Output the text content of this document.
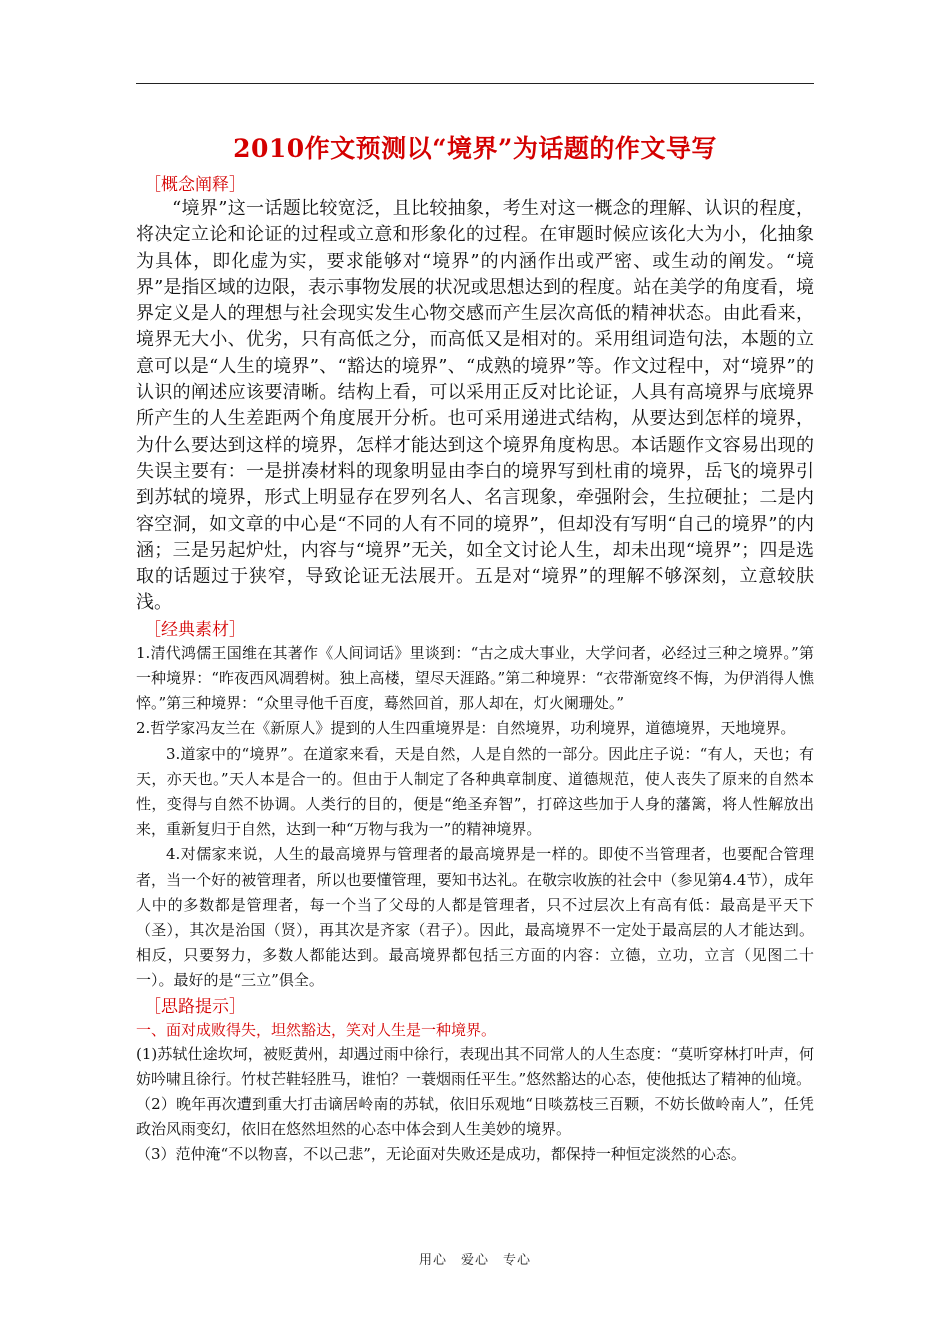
2010作文预测以“境界”为话题的作文导写
［概念阐释］

“境界”这一话题比较宽泛，且比较抽象，考生对这一概念的理解、认识的程度，将决定立论和论证的过程或立意和形象化的过程。在审题时候应该化大为小，化抽象为具体，即化虚为实，要求能够对“境界”的内涵作出或严密、或生动的阐发。“境界”是指区域的边限，表示事物发展的状况或思想达到的程度。站在美学的角度看，境界定义是人的理想与社会现实发生心物交感而产生层次高低的精神状态。由此看来，境界无大小、优劣，只有高低之分，而高低又是相对的。采用组词造句法，本题的立意可以是“人生的境界”、“豁达的境界”、“成熟的境界”等。作文过程中，对“境界”的认识的阐述应该要清晰。结构上看，可以采用正反对比论证，人具有高境界与底境界所产生的人生差距两个角度展开分析。也可采用递进式结构，从要达到怎样的境界，为什么要达到这样的境界，怎样才能达到这个境界角度构思。本话题作文容易出现的失误主要有：一是拼凑材料的现象明显由李白的境界写到杜甫的境界，岳飞的境界引到苏轼的境界，形式上明显存在罗列名人、名言现象，牵强附会，生拉硬扯；二是内容空洞，如文章的中心是“不同的人有不同的境界”，但却没有写明“自己的境界”的内涵；三是另起炉灶，内容与“境界”无关，如全文讨论人生，却未出现“境界”；四是选取的话题过于狭窄，导致论证无法展开。五是对“境界”的理解不够深刻，立意较肤浅。

［经典素材］

1.清代鸿儒王国维在其著作《人间词话》里谈到：“古之成大事业，大学问者，必经过三种之境界。”第一种境界：“昨夜西风凋碧树。独上高楼，望尽天涯路。”第二种境界：“衣带渐宽终不悔，为伊消得人憔悴。”第三种境界：“众里寻他千百度，蓦然回首，那人却在，灯火阑珊处。”

2.哲学家冯友兰在《新原人》提到的人生四重境界是：自然境界，功利境界，道德境界，天地境界。

3.道家中的“境界”。在道家来看，天是自然，人是自然的一部分。因此庄子说：“有人，天也；有天，亦天也。”天人本是合一的。但由于人制定了各种典章制度、道德规范，使人丧失了原来的自然本性，变得与自然不协调。人类行的目的，便是“绝圣弃智”，打碎这些加于人身的藩篱，将人性解放出来，重新复归于自然，达到一种“万物与我为一”的精神境界。

4.对儒家来说，人生的最高境界与管理者的最高境界是一样的。即使不当管理者，也要配合管理者，当一个好的被管理者，所以也要懂管理，要知书达礼。在敬宗收族的社会中（参见第4.4节），成年人中的多数都是管理者，每一个当了父母的人都是管理者，只不过层次上有高有低：最高是平天下（圣），其次是治国（贤），再其次是齐家（君子）。因此，最高境界不一定处于最高层的人才能达到。相反，只要努力，多数人都能达到。最高境界都包括三方面的内容：立德，立功，立言（见图二十一）。最好的是“三立”俱全。

［思路提示］

一、面对成败得失，坦然豁达，笑对人生是一种境界。

(1)苏轼仕途坎坷，被贬黄州，却遇过雨中徐行，表现出其不同常人的人生态度：“莫听穿林打叶声，何妨吟啸且徐行。竹杖芒鞋轻胜马，谁怕？一蓑烟雨任平生。”悠然豁达的心态，使他抵达了精神的仙境。

（2）晚年再次遭到重大打击谪居岭南的苏轼，依旧乐观地“日啖荔枝三百颗，不妨长做岭南人”，任凭政治风雨变幻，依旧在悠然坦然的心态中体会到人生美妙的境界。

（3）范仲淹“不以物喜，不以己悲”，无论面对失败还是成功，都保持一种恒定淡然的心态。

用心　爱心　专心
